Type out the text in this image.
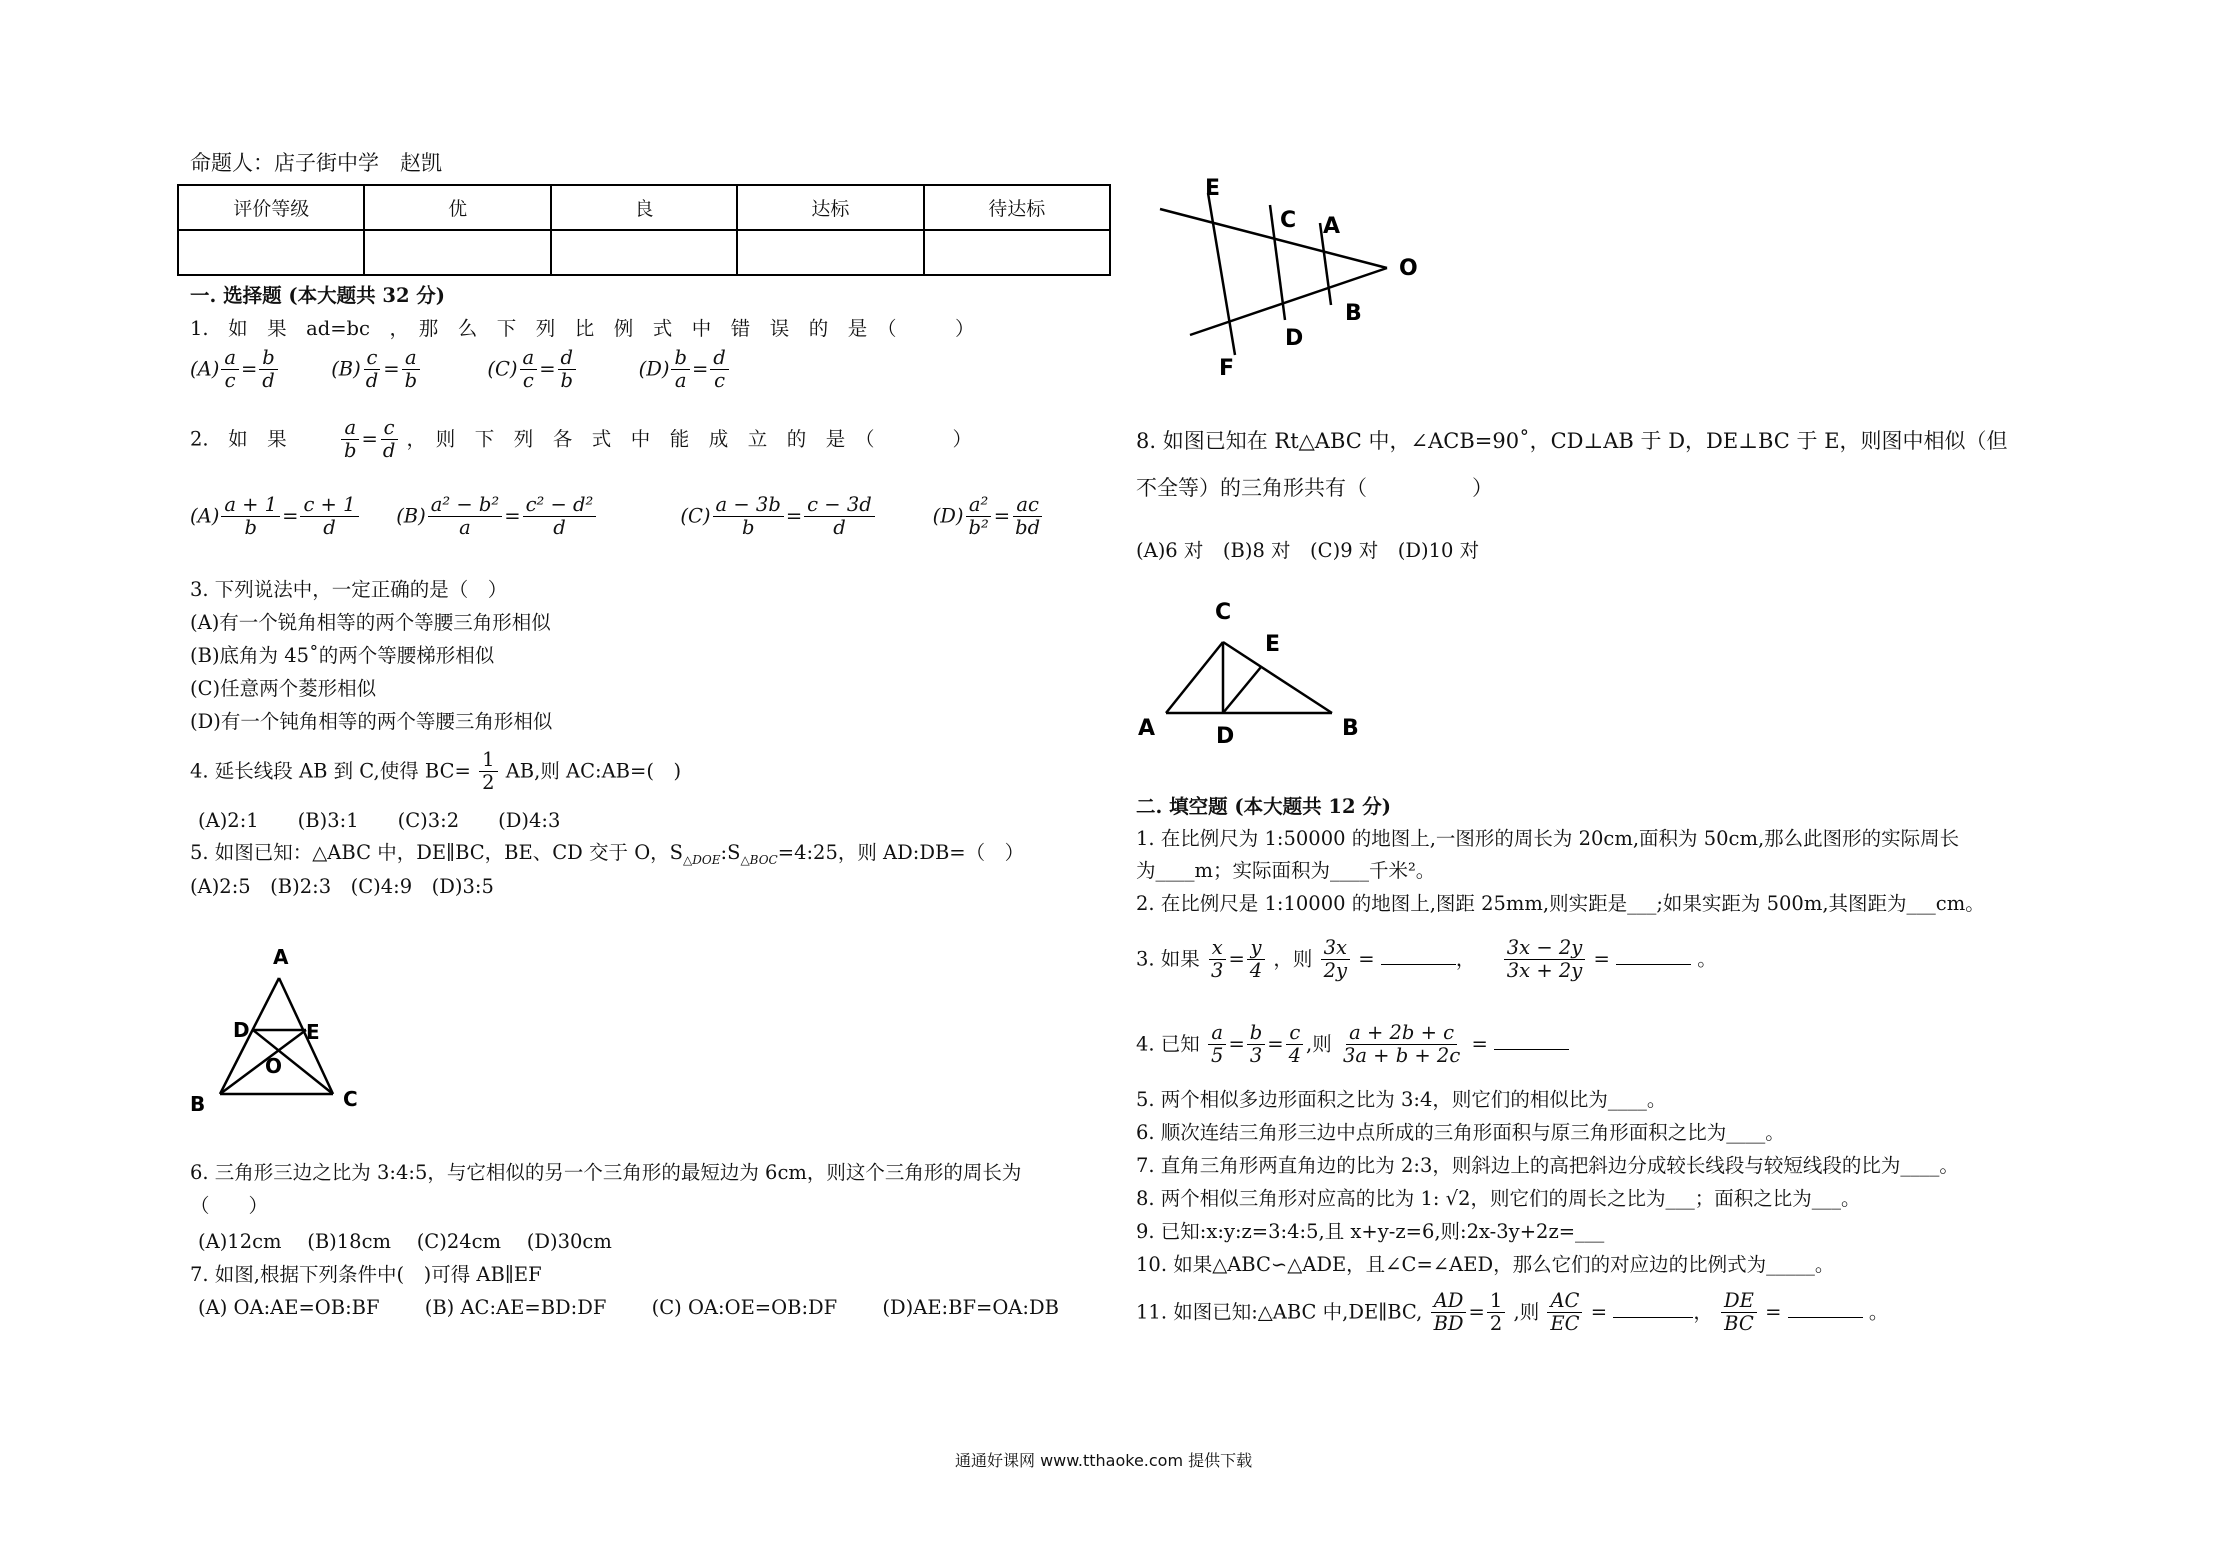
命题人：店子街中学　赵凯
评价等级	优	良	达标	待达标

一. 选择题 (本大题共 32 分)
1.　如　果　ad=bc　，　那　么　下　列　比　例　式　中　错　误　的　是　（　　　）
$(A) \frac{a}{c} = \frac{b}{d}$	$(B) \frac{c}{d} = \frac{a}{b}$	$(C) \frac{a}{c} = \frac{d}{b}$	$(D) \frac{b}{a} = \frac{d}{c}$
2.　如　果	$\frac{a}{b} = \frac{c}{d}$ ，　则　下　列　各　式　中　能　成　立　的　是　（　　　　）
$(A) \frac{a + 1}{b} = \frac{c + 1}{d} (B) \frac{\text{a² − b²}}{a} = \frac{\text{c² − d²}}{d}$	$(C) \frac{a - 3b}{b} = \frac{c - 3d}{d}$	$(D) \frac{\text{a²}}{\text{b²}} = \frac{ac}{bd}$
3. 下列说法中，一定正确的是（　）
(A)有一个锐角相等的两个等腰三角形相似
(B)底角为 45˚的两个等腰梯形相似
(C)任意两个菱形相似
(D)有一个钝角相等的两个等腰三角形相似
4. 延长线段 AB 到 C,使得 $BC= \frac{1}{2}$ AB,则 AC:AB=(　)
(A)2:1　　(B)3:1　　(C)3:2　　(D)4:3
5. 如图已知：△ABC 中，DE∥BC，BE、CD 交于 O，$S_{\triangle DOE}:S_{\triangle BOC}=4:25$，则 AD:DB=（　）
(A)2:5　(B)2:3　(C)4:9　(D)3:5
A
D	E
O
B	C
6. 三角形三边之比为 3:4:5，与它相似的另一个三角形的最短边为 6cm，则这个三角形的周长为
（　　）
(A)12cm　 (B)18cm　 (C)24cm　 (D)30cm
7. 如图,根据下列条件中(　)可得 AB∥EF
(A) OA:AE=OB:BF　　 (B) AC:AE=BD:DF　　 (C) OA:OE=OB:DF　　 (D)AE:BF=OA:DB
E
C A
O
F
D
B
8. 如图已知在 Rt△ABC 中，∠ACB=90˚，CD⊥AB 于 D，DE⊥BC 于 E，则图中相似（但
不全等）的三角形共有（　　　　　）
(A)6 对　(B)8 对　(C)9 对　(D)10 对
C
E
A	D	B
二. 填空题 (本大题共 12 分)
1. 在比例尺为 1:50000 的地图上,一图形的周长为 20cm,面积为 50cm,那么此图形的实际周长
为____m；实际面积为____千米²。
2. 在比例尺是 1:10000 的地图上,图距 25mm,则实距是___;如果实距为 500m,其图距为___cm。
3. 如果 $\frac{x}{3} = \frac{y}{4}$ ，则 $\frac{3x}{2y}$ =	， $\frac{3x - 2y}{3x + 2y}$ =	。
4. 已知 $\frac{a}{5} = \frac{b}{3} = \frac{c}{4}$ ,则 $\frac{a + 2b + c}{3a + b + 2c}$ =
5. 两个相似多边形面积之比为 3:4，则它们的相似比为____。
6. 顺次连结三角形三边中点所成的三角形面积与原三角形面积之比为____。
7. 直角三角形两直角边的比为 2:3，则斜边上的高把斜边分成较长线段与较短线段的比为____。
8. 两个相似三角形对应高的比为 1: √2，则它们的周长之比为___；面积之比为___。
9. 已知:x:y:z=3:4:5,且 x+y-z=6,则:2x-3y+2z=___
10. 如果△ABC∽△ADE，且∠C=∠AED，那么它们的对应边的比例式为_____。
11. 如图已知:△ABC 中,DE∥BC, $\frac{AD}{BD} = \frac{1}{2}$ ,则 $\frac{AC}{EC}$ =	， $\frac{DE}{BC}$ =	。
通通好课网 www.tthaoke.com 提供下载
